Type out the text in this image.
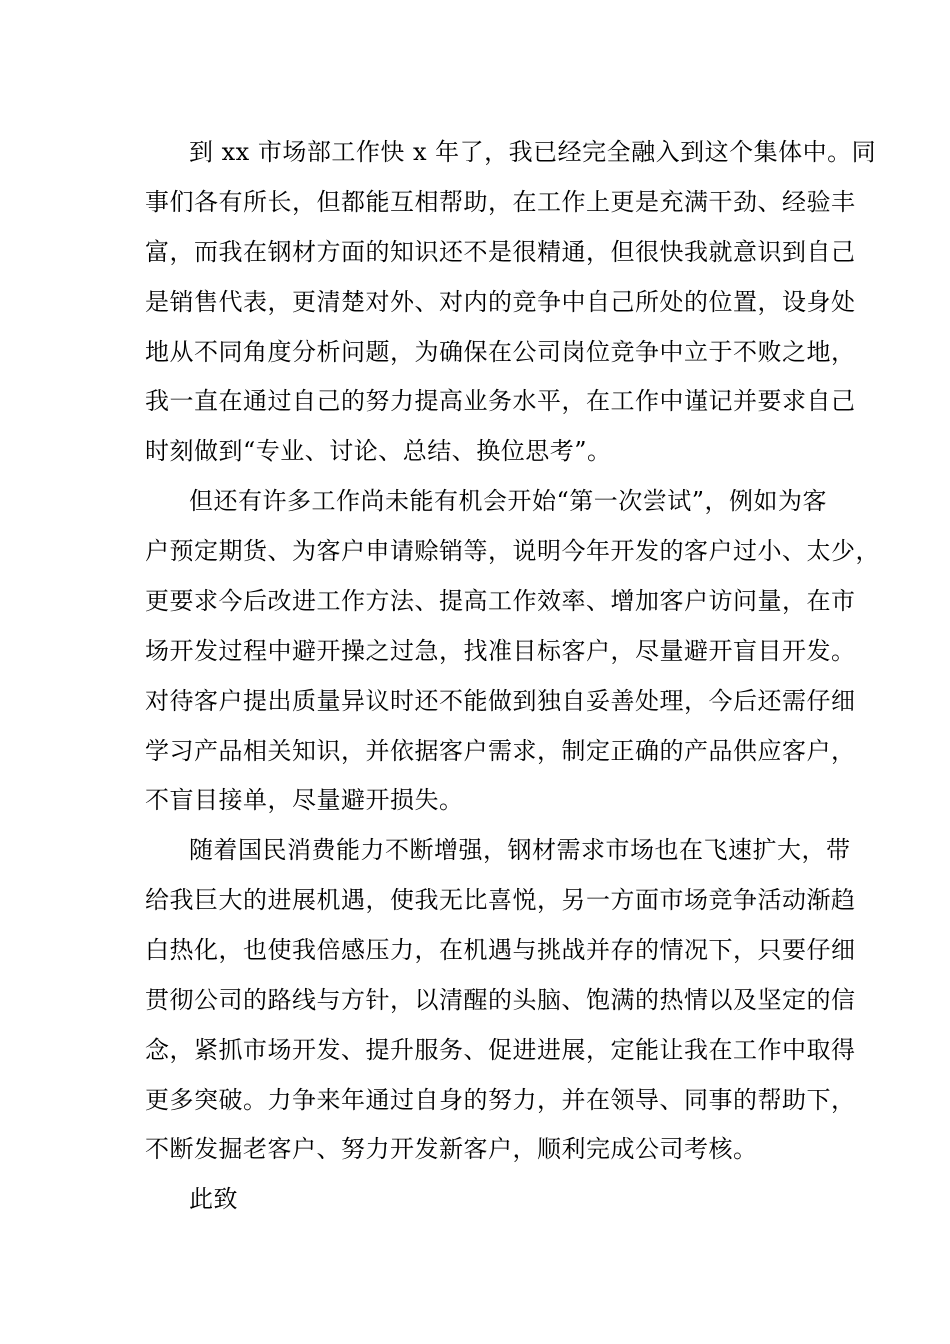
到 xx 市场部工作快 x 年了，我已经完全融入到这个集体中。同
事们各有所长，但都能互相帮助，在工作上更是充满干劲、经验丰
富，而我在钢材方面的知识还不是很精通，但很快我就意识到自己
是销售代表，更清楚对外、对内的竞争中自己所处的位置，设身处
地从不同角度分析问题，为确保在公司岗位竞争中立于不败之地，
我一直在通过自己的努力提高业务水平，在工作中谨记并要求自己
时刻做到“专业、讨论、总结、换位思考”。
但还有许多工作尚未能有机会开始“第一次尝试”，例如为客
户预定期货、为客户申请赊销等，说明今年开发的客户过小、太少，
更要求今后改进工作方法、提高工作效率、增加客户访问量，在市
场开发过程中避开操之过急，找准目标客户，尽量避开盲目开发。
对待客户提出质量异议时还不能做到独自妥善处理，今后还需仔细
学习产品相关知识，并依据客户需求，制定正确的产品供应客户，
不盲目接单，尽量避开损失。
随着国民消费能力不断增强，钢材需求市场也在飞速扩大，带
给我巨大的进展机遇，使我无比喜悦，另一方面市场竞争活动渐趋
白热化，也使我倍感压力，在机遇与挑战并存的情况下，只要仔细
贯彻公司的路线与方针，以清醒的头脑、饱满的热情以及坚定的信
念，紧抓市场开发、提升服务、促进进展，定能让我在工作中取得
更多突破。力争来年通过自身的努力，并在领导、同事的帮助下，
不断发掘老客户、努力开发新客户，顺利完成公司考核。
此致
